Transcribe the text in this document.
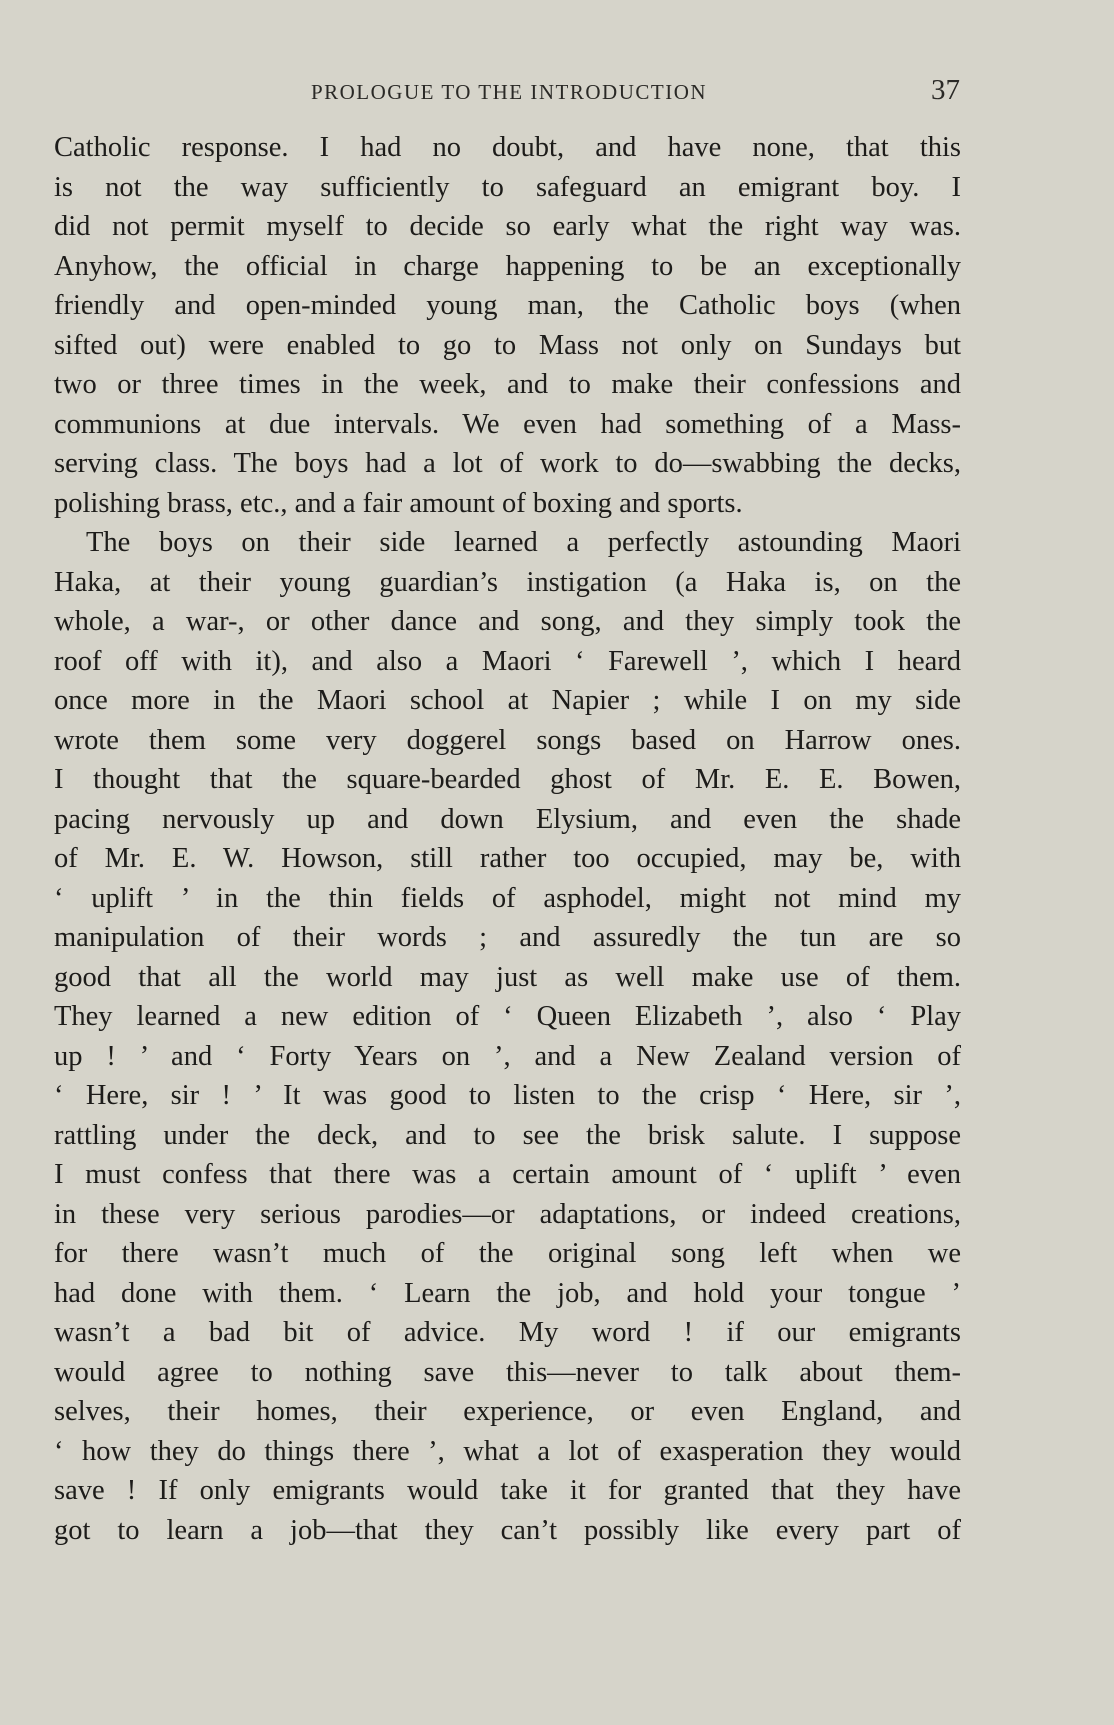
PROLOGUE TO THE INTRODUCTION	37
Catholic response. I had no doubt, and have none, that this
is not the way sufficiently to safeguard an emigrant boy. I
did not permit myself to decide so early what the right way was.
Anyhow, the official in charge happening to be an exceptionally
friendly and open-minded young man, the Catholic boys (when
sifted out) were enabled to go to Mass not only on Sundays but
two or three times in the week, and to make their confessions and
communions at due intervals. We even had something of a Mass-
serving class. The boys had a lot of work to do—swabbing the decks,
polishing brass, etc., and a fair amount of boxing and sports.
The boys on their side learned a perfectly astounding Maori
Haka, at their young guardian’s instigation (a Haka is, on the
whole, a war-, or other dance and song, and they simply took the
roof off with it), and also a Maori ‘ Farewell ’, which I heard
once more in the Maori school at Napier ; while I on my side
wrote them some very doggerel songs based on Harrow ones.
I thought that the square-bearded ghost of Mr. E. E. Bowen,
pacing nervously up and down Elysium, and even the shade
of Mr. E. W. Howson, still rather too occupied, may be, with
‘ uplift ’ in the thin fields of asphodel, might not mind my
manipulation of their words ; and assuredly the tun are so
good that all the world may just as well make use of them.
They learned a new edition of ‘ Queen Elizabeth ’, also ‘ Play
up ! ’ and ‘ Forty Years on ’, and a New Zealand version of
‘ Here, sir ! ’ It was good to listen to the crisp ‘ Here, sir ’,
rattling under the deck, and to see the brisk salute. I suppose
I must confess that there was a certain amount of ‘ uplift ’ even
in these very serious parodies—or adaptations, or indeed creations,
for there wasn’t much of the original song left when we
had done with them. ‘ Learn the job, and hold your tongue ’
wasn’t a bad bit of advice. My word ! if our emigrants
would agree to nothing save this—never to talk about them-
selves, their homes, their experience, or even England, and
‘ how they do things there ’, what a lot of exasperation they would
save ! If only emigrants would take it for granted that they have
got to learn a job—that they can’t possibly like every part of
